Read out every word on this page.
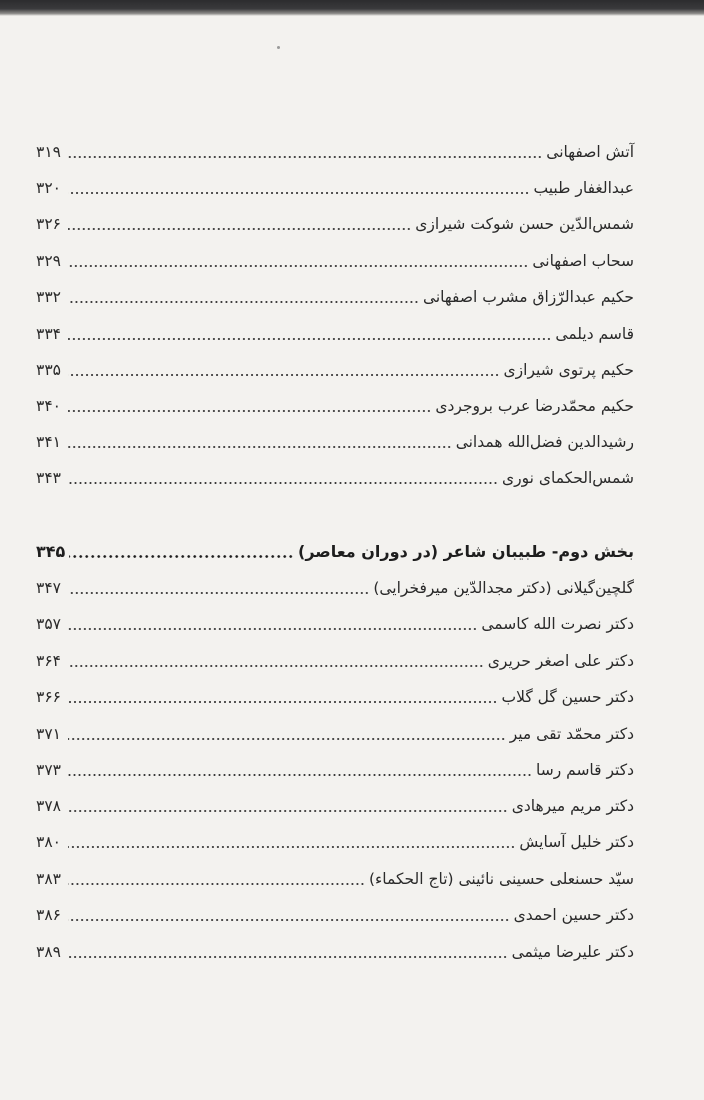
آتش اصفهانی
۳۱۹
عبدالغفار طبیب
۳۲۰
شمس‌الدّین حسن شوکت شیرازی
۳۲۶
سحاب اصفهانی
۳۲۹
حکیم عبدالرّزاق مشرب اصفهانی
۳۳۲
قاسم دیلمی
۳۳۴
حکیم پرتوی شیرازی
۳۳۵
حکیم محمّدرضا عرب بروجردی
۳۴۰
رشیدالدین فضل‌الله همدانی
۳۴۱
شمس‌الحکمای نوری
۳۴۳
بخش دوم- طبیبان شاعر (در دوران معاصر)
۳۴۵
گلچین‌گیلانی (دکتر مجدالدّین میرفخرایی)
۳۴۷
دکتر نصرت الله کاسمی
۳۵۷
دکتر علی اصغر حریری
۳۶۴
دکتر حسین گل گلاب
۳۶۶
دکتر محمّد تقی میر
۳۷۱
دکتر قاسم رسا
۳۷۳
دکتر مریم میرهادی
۳۷۸
دکتر خلیل آسایش
۳۸۰
سیّد حسنعلی حسینی نائینی (تاج الحکماء)
۳۸۳
دکتر حسین احمدی
۳۸۶
دکتر علیرضا میثمی
۳۸۹
